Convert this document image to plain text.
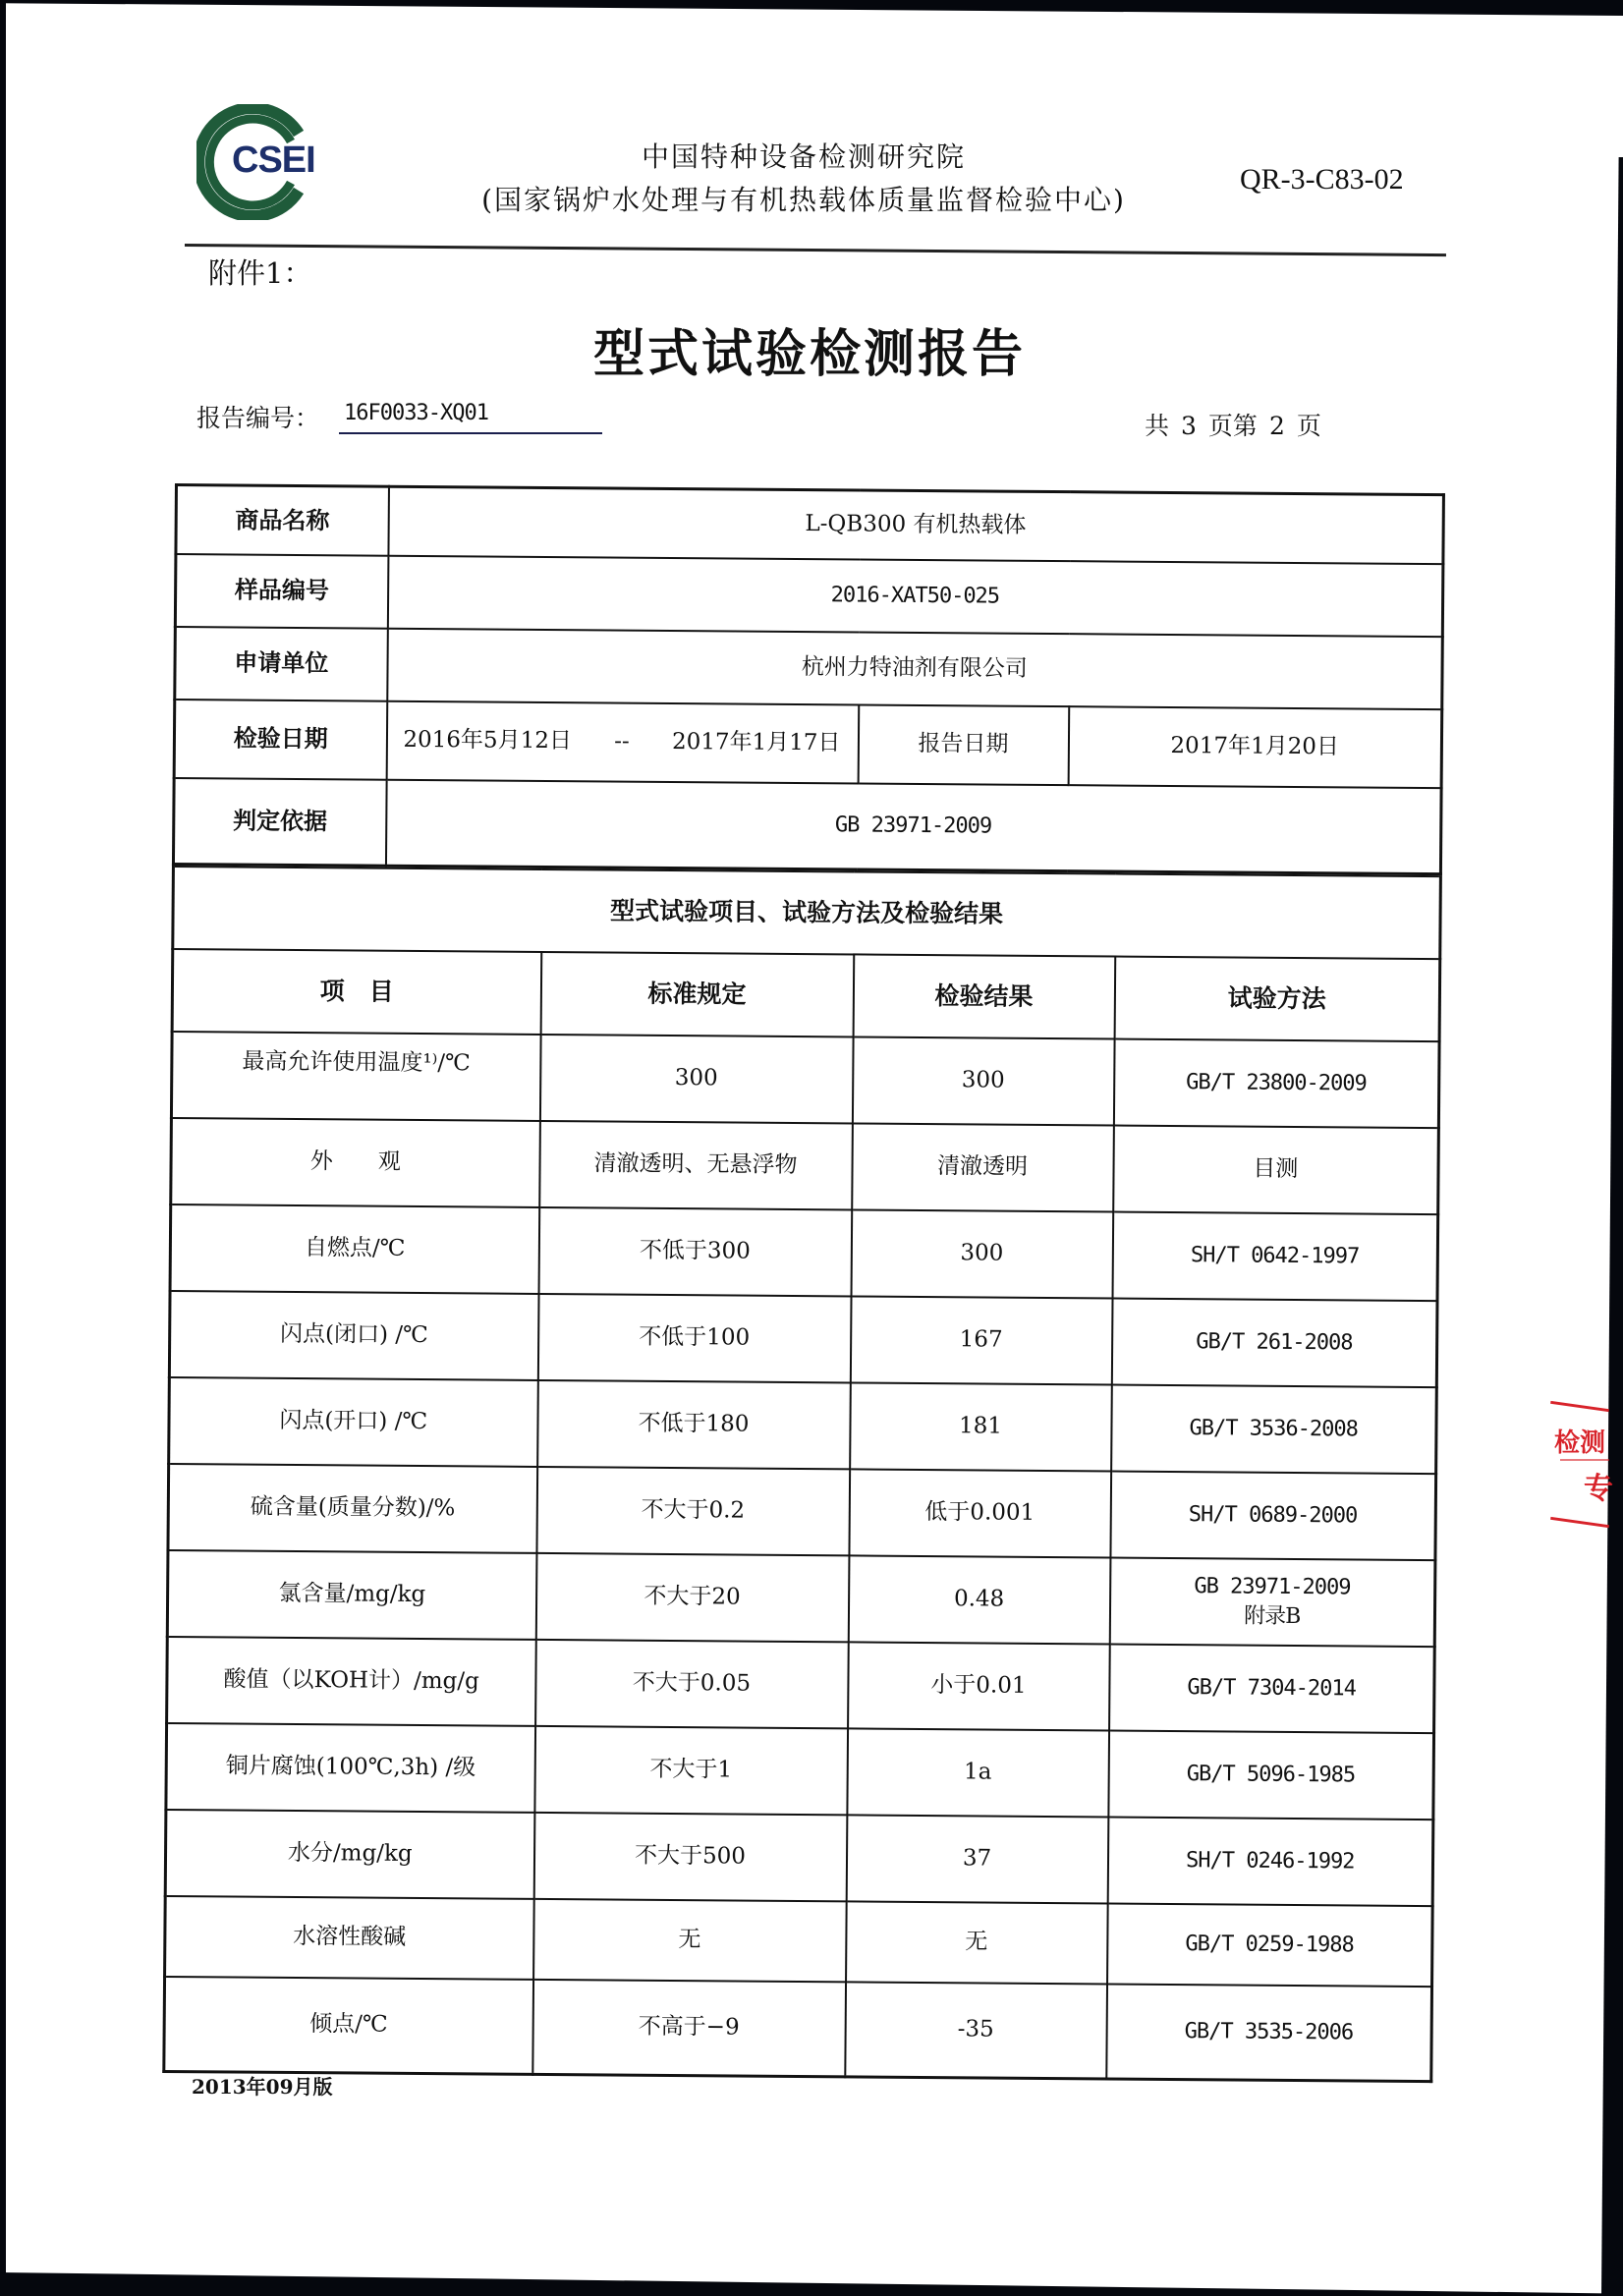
CSEI	中国特种设备检测研究院
(国家锅炉水处理与有机热载体质量监督检验中心)
QR-3-C83-02
附件1：
型式试验检测报告
报告编号： 16F0033-XQ01	共 3 页第 2 页
商品名称	L-QB300 有机热载体		
样品编号	2016-XAT50-025		
申请单位	杭州力特油剂有限公司		
检验日期	2016年5月12日 -- 2017年1月17日	报告日期	2017年1月20日
判定依据	GB 23971-2009		
型式试验项目、试验方法及检验结果			
项　目	标准规定	检验结果	试验方法
最高允许使用温度¹⁾/℃	300	300	GB/T 23800-2009
外　　观	清澈透明、无悬浮物	清澈透明	目测
自燃点/℃	不低于300	300	SH/T 0642-1997
闪点(闭口) /℃	不低于100	167	GB/T 261-2008
闪点(开口) /℃	不低于180	181	GB/T 3536-2008
硫含量(质量分数)/%	不大于0.2	低于0.001	SH/T 0689-2000
氯含量/mg/kg	不大于20	0.48	GB 23971-2009
附录B

酸值（以KOH计）/mg/g	不大于0.05	小于0.01	GB/T 7304-2014
铜片腐蚀(100℃,3h) /级	不大于1	1a	GB/T 5096-1985
水分/mg/kg	不大于500	37	SH/T 0246-1992
水溶性酸碱	无	无	GB/T 0259-1988
倾点/℃	不高于−9	-35	GB/T 3535-2006
2013年09月版
检测
专
